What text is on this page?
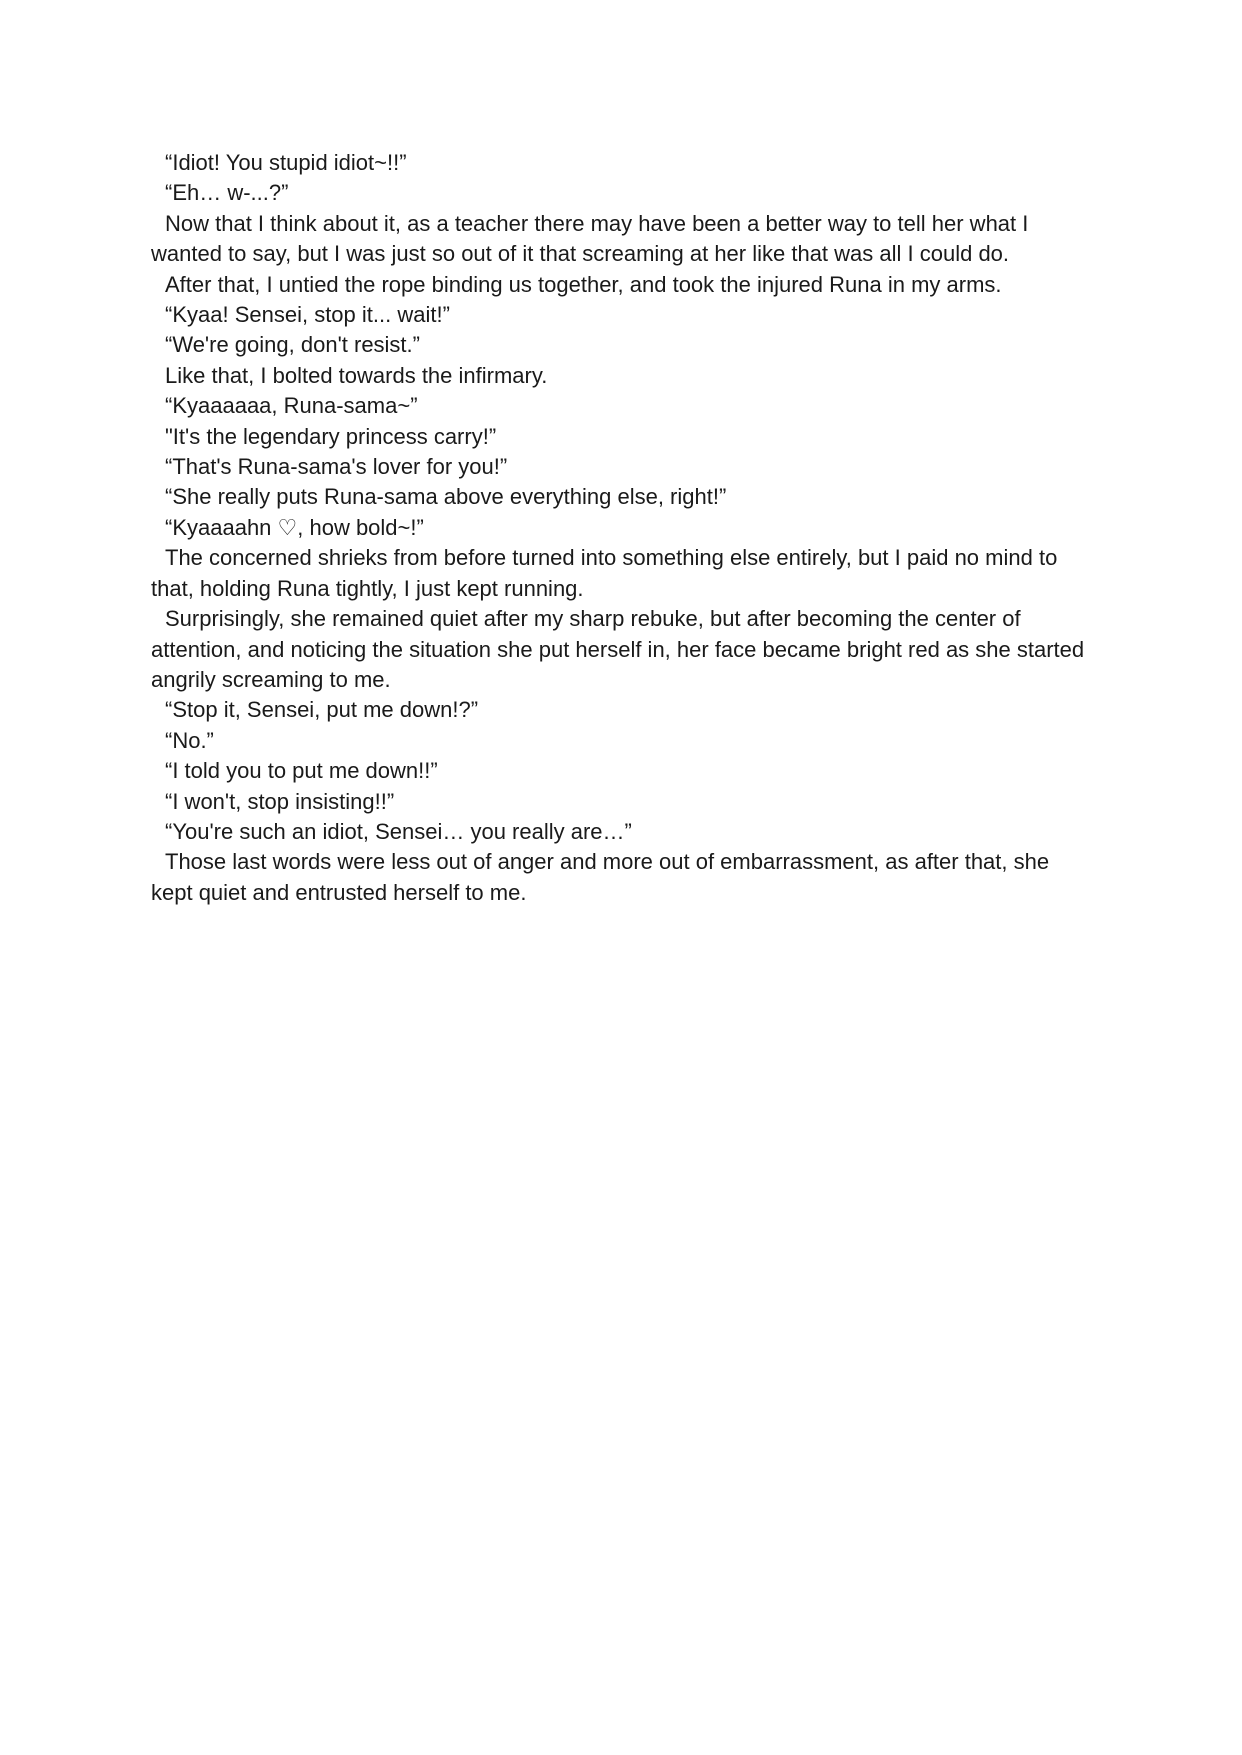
“Idiot! You stupid idiot~!!”

“Eh… w-...?”

Now that I think about it, as a teacher there may have been a better way to tell her what I wanted to say, but I was just so out of it that screaming at her like that was all I could do.

After that, I untied the rope binding us together, and took the injured Runa in my arms.

“Kyaa! Sensei, stop it... wait!”

“We're going, don't resist.”

Like that, I bolted towards the infirmary.

“Kyaaaaaa, Runa-sama~”

"It's the legendary princess carry!”

“That's Runa-sama's lover for you!”

“She really puts Runa-sama above everything else, right!”

“Kyaaaahn ♡, how bold~!”

The concerned shrieks from before turned into something else entirely, but I paid no mind to that, holding Runa tightly, I just kept running.

Surprisingly, she remained quiet after my sharp rebuke, but after becoming the center of attention, and noticing the situation she put herself in, her face became bright red as she started angrily screaming to me.

“Stop it, Sensei, put me down!?”

“No.”

“I told you to put me down!!”

“I won't, stop insisting!!”

“You're such an idiot, Sensei… you really are…”

Those last words were less out of anger and more out of embarrassment, as after that, she kept quiet and entrusted herself to me.
